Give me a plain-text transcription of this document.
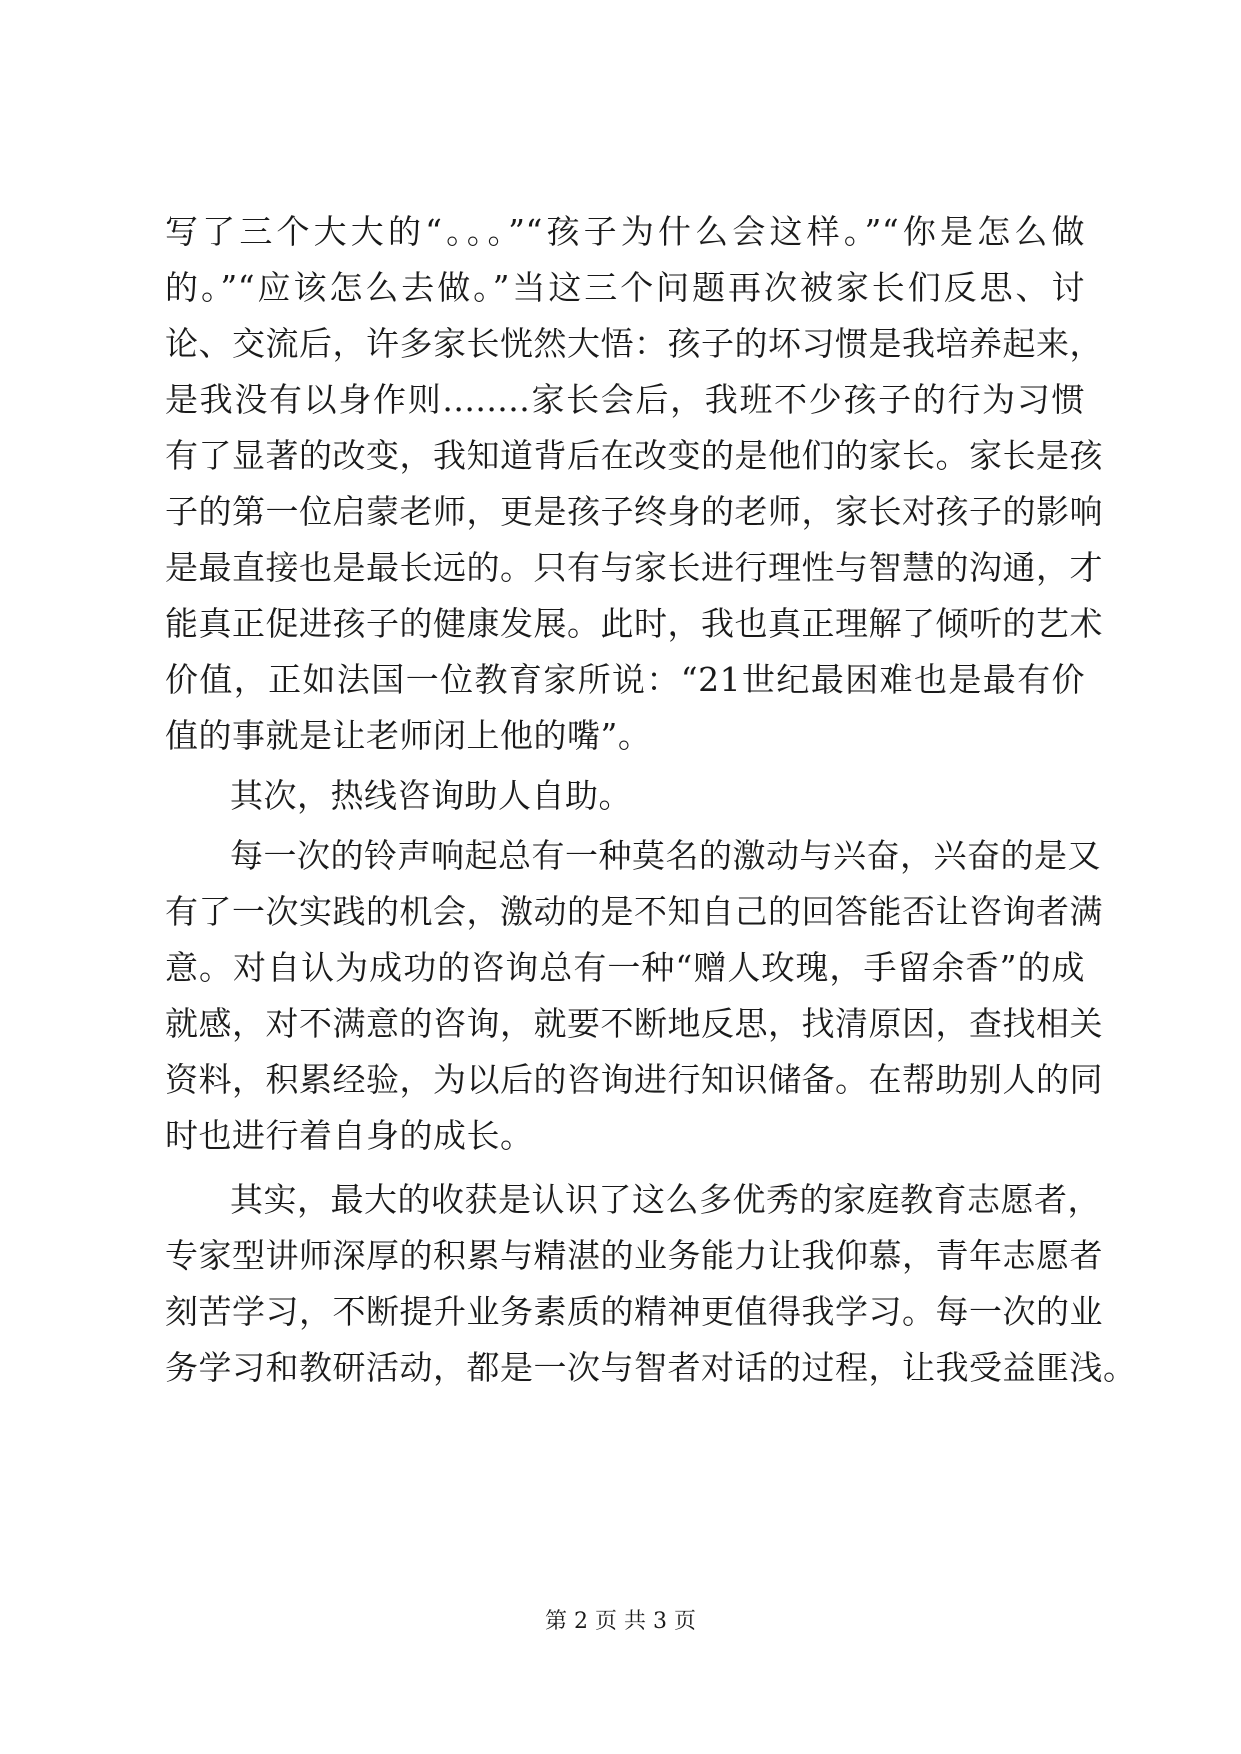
写了三个大大的“。。。”“孩子为什么会这样。”“你是怎么做
的。”“应该怎么去做。”当这三个问题再次被家长们反思、讨
论、交流后，许多家长恍然大悟：孩子的坏习惯是我培养起来，
是我没有以身作则........家长会后，我班不少孩子的行为习惯
有了显著的改变，我知道背后在改变的是他们的家长。家长是孩
子的第一位启蒙老师，更是孩子终身的老师，家长对孩子的影响
是最直接也是最长远的。只有与家长进行理性与智慧的沟通，才
能真正促进孩子的健康发展。此时，我也真正理解了倾听的艺术
价值，正如法国一位教育家所说：“21世纪最困难也是最有价
值的事就是让老师闭上他的嘴”。
其次，热线咨询助人自助。
每一次的铃声响起总有一种莫名的激动与兴奋，兴奋的是又
有了一次实践的机会，激动的是不知自己的回答能否让咨询者满
意。对自认为成功的咨询总有一种“赠人玫瑰，手留余香”的成
就感，对不满意的咨询，就要不断地反思，找清原因，查找相关
资料，积累经验，为以后的咨询进行知识储备。在帮助别人的同
时也进行着自身的成长。
其实，最大的收获是认识了这么多优秀的家庭教育志愿者，
专家型讲师深厚的积累与精湛的业务能力让我仰慕，青年志愿者
刻苦学习，不断提升业务素质的精神更值得我学习。每一次的业
务学习和教研活动，都是一次与智者对话的过程，让我受益匪浅。
第 2 页 共 3 页
